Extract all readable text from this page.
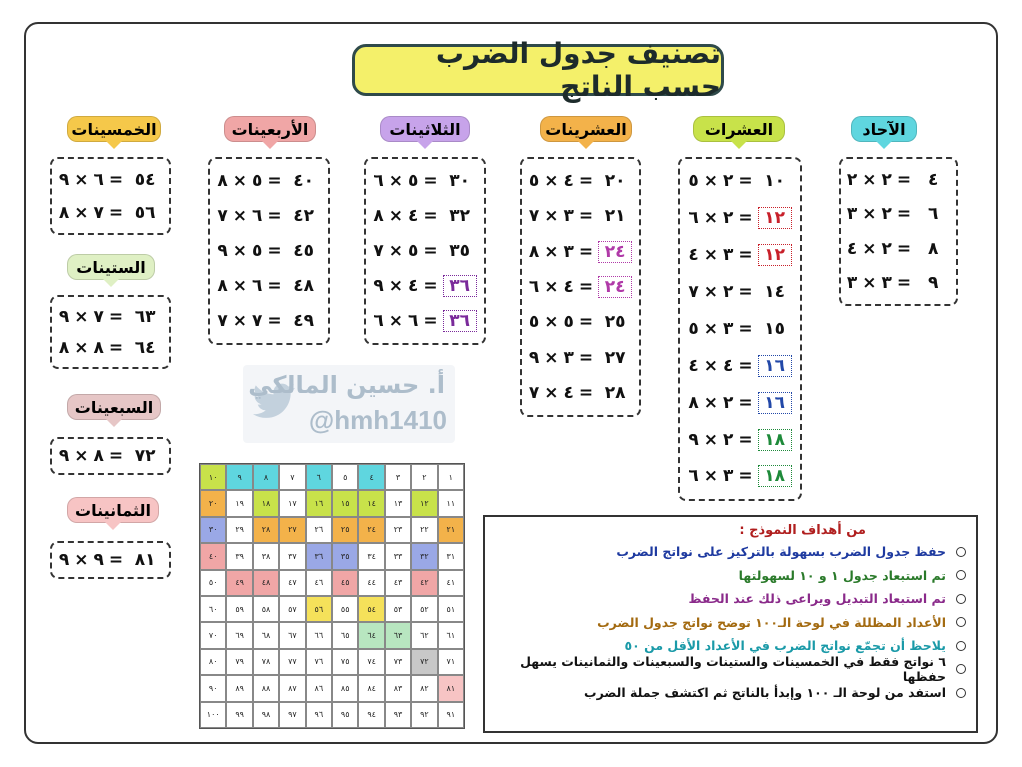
تصنيف جدول الضرب حسب الناتج
الآحاد
العشرات
العشرينات
الثلاثينات
الأربعينات
الخمسينات
الستينات
السبعينات
الثمانينات
٤
=
٢
×
٢
٦
=
٢
×
٣
٨
=
٢
×
٤
٩
=
٣
×
٣
١٠
=
٢
×
٥
١٢
=
٢
×
٦
١٢
=
٣
×
٤
١٤
=
٢
×
٧
١٥
=
٣
×
٥
١٦
=
٤
×
٤
١٦
=
٢
×
٨
١٨
=
٢
×
٩
١٨
=
٣
×
٦
٢٠
=
٤
×
٥
٢١
=
٣
×
٧
٢٤
=
٣
×
٨
٢٤
=
٤
×
٦
٢٥
=
٥
×
٥
٢٧
=
٣
×
٩
٢٨
=
٤
×
٧
٣٠
=
٥
×
٦
٣٢
=
٤
×
٨
٣٥
=
٥
×
٧
٣٦
=
٤
×
٩
٣٦
=
٦
×
٦
٤٠
=
٥
×
٨
٤٢
=
٦
×
٧
٤٥
=
٥
×
٩
٤٨
=
٦
×
٨
٤٩
=
٧
×
٧
٥٤
=
٦
×
٩
٥٦
=
٧
×
٨
٦٣
=
٧
×
٩
٦٤
=
٨
×
٨
٧٢
=
٨
×
٩
٨١
=
٩
×
٩
أ. حسين المالكي
@hmh1410
١
٢
٣
٤
٥
٦
٧
٨
٩
١٠
١١
١٢
١٣
١٤
١٥
١٦
١٧
١٨
١٩
٢٠
٢١
٢٢
٢٣
٢٤
٢٥
٢٦
٢٧
٢٨
٢٩
٣٠
٣١
٣٢
٣٣
٣٤
٣٥
٣٦
٣٧
٣٨
٣٩
٤٠
٤١
٤٢
٤٣
٤٤
٤٥
٤٦
٤٧
٤٨
٤٩
٥٠
٥١
٥٢
٥٣
٥٤
٥٥
٥٦
٥٧
٥٨
٥٩
٦٠
٦١
٦٢
٦٣
٦٤
٦٥
٦٦
٦٧
٦٨
٦٩
٧٠
٧١
٧٢
٧٣
٧٤
٧٥
٧٦
٧٧
٧٨
٧٩
٨٠
٨١
٨٢
٨٣
٨٤
٨٥
٨٦
٨٧
٨٨
٨٩
٩٠
٩١
٩٢
٩٣
٩٤
٩٥
٩٦
٩٧
٩٨
٩٩
١٠٠
من أهداف النموذج :
حفظ جدول الضرب بسهولة بالتركيز على نواتج الضرب
تم استبعاد جدول ١ و ١٠ لسهولتها
تم استبعاد التبديل ويراعى ذلك عند الحفظ
الأعداد المظللة في لوحة الـ١٠٠ توضح نواتج جدول الضرب
يلاحظ أن تجمّع نواتج الضرب في الأعداد الأقل من ٥٠
٦ نواتج فقط في الخمسينات والستينات والسبعينات والثمانينات يسهل حفظها
استفد من لوحة الـ ١٠٠ وإبدأ بالناتج ثم اكتشف جملة الضرب
